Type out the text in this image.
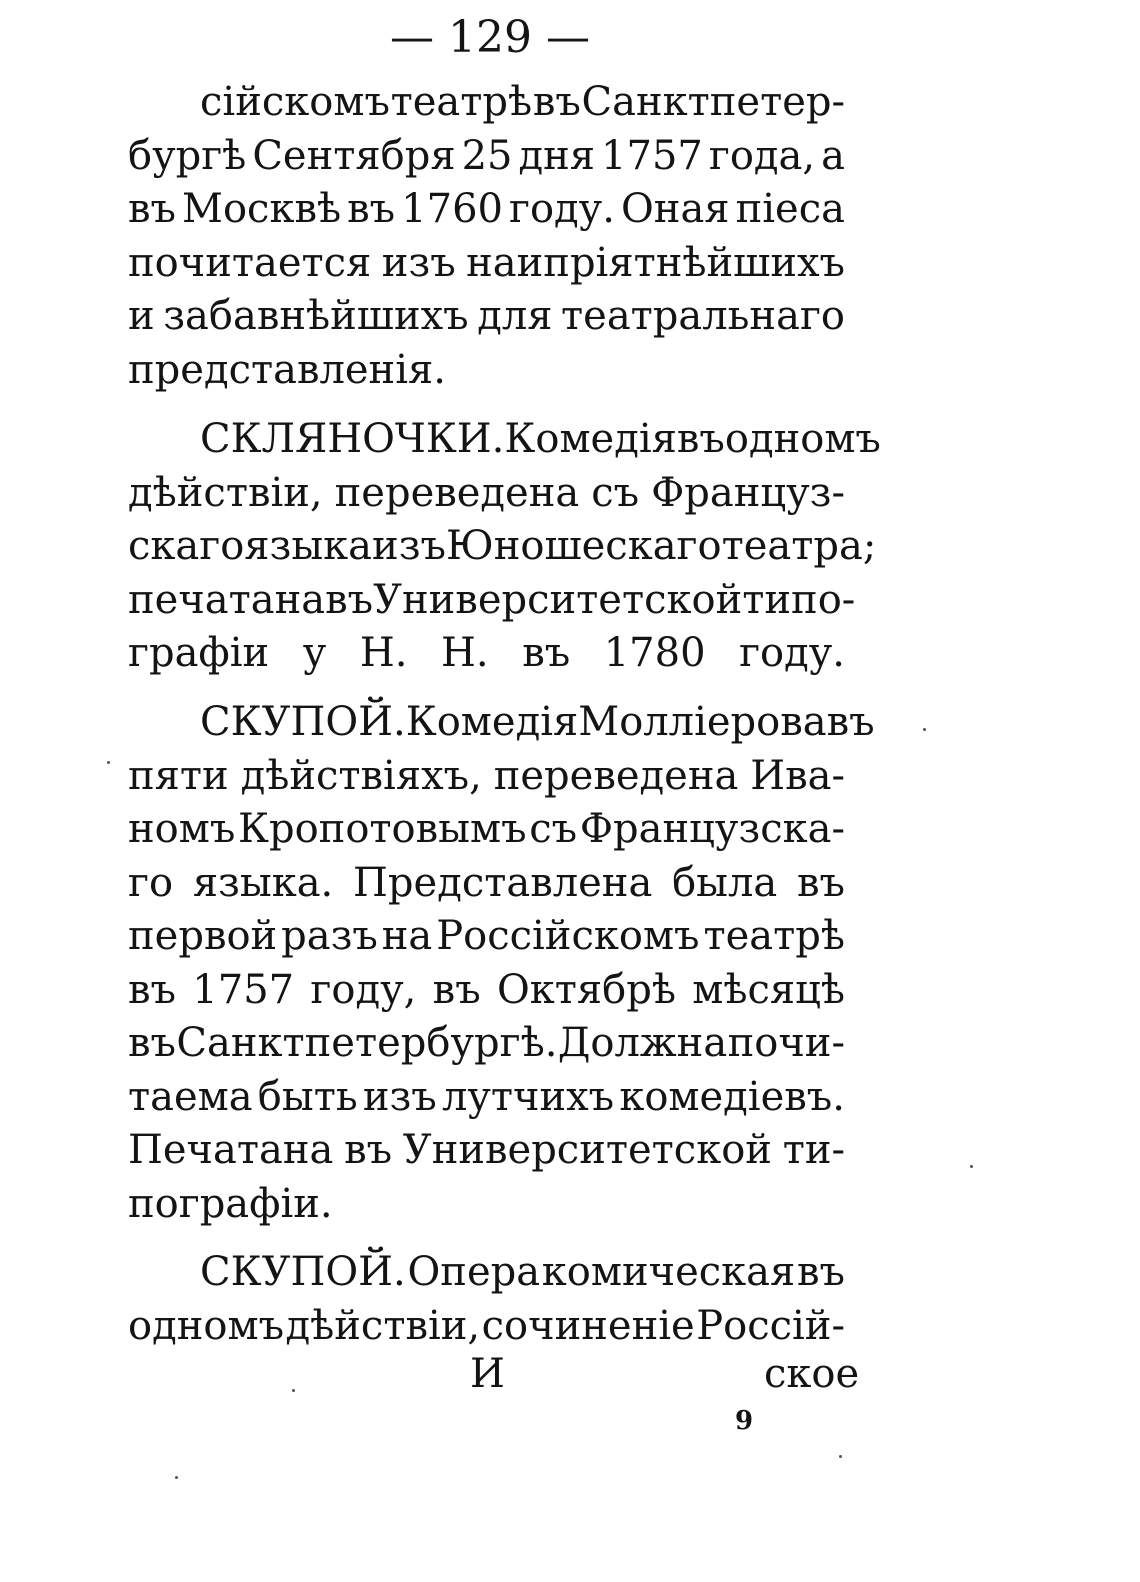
— 129 —
сійскомъ театрѣ въ Санктпетер-
бургѣ Сентября 25 дня 1757 года, а
въ Москвѣ въ 1760 году. Оная піеса
почитается изъ наипріятнѣйшихъ
и забавнѣйшихъ для театральнаго
представленія.
СКЛЯНОЧКИ. Комедія въ одномъ
дѣйствіи, переведена съ Француз-
скаго языка изъ Юношескаго театра;
печатана въ Университетской типо-
графіи у Н. Н. въ 1780 году.
СКУПОЙ. Комедія Молліерова въ
пяти дѣйствіяхъ, переведена Ива-
номъ Кропотовымъ съ Французска-
го языка. Представлена была въ
первой разъ на Россійскомъ театрѣ
въ 1757 году, въ Октябрѣ мѣсяцѣ
въ Санктпетербургѣ. Должна почи-
таема быть изъ лутчихъ комедіевъ.
Печатана въ Университетской ти-
пографіи.
СКУПОЙ. Опера комическая въ
одномъ дѣйствіи, сочиненіе Россій-
И	ское
9
